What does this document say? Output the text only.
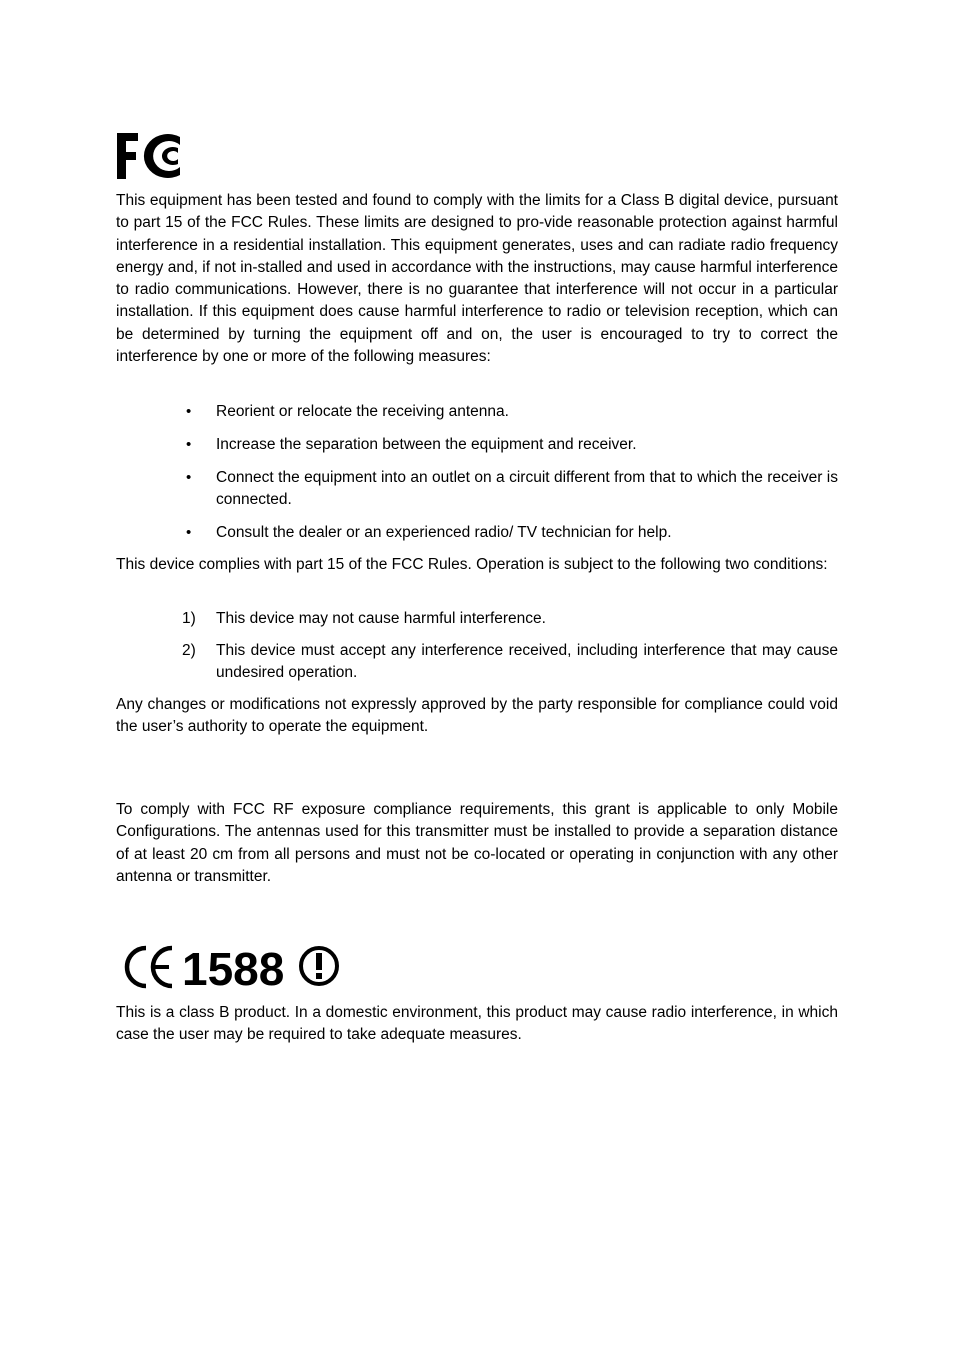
This equipment has been tested and found to comply with the limits for a Class B digital device, pursuant to part 15 of the FCC Rules. These limits are designed to pro-vide reasonable protection against harmful interference in a residential installation. This equipment generates, uses and can radiate radio frequency energy and, if not in-stalled and used in accordance with the instructions, may cause harmful interference to radio communications. However, there is no guarantee that interference will not occur in a particular installation. If this equipment does cause harmful interference to radio or television reception, which can be determined by turning the equipment off and on, the user is encouraged to try to correct the interference by one or more of the following measures:

• Reorient or relocate the receiving antenna.
• Increase the separation between the equipment and receiver.
• Connect the equipment into an outlet on a circuit different from that to which the receiver is connected.
• Consult the dealer or an experienced radio/ TV technician for help.

This device complies with part 15 of the FCC Rules. Operation is subject to the following two conditions:

1) This device may not cause harmful interference.
2) This device must accept any interference received, including interference that may cause undesired operation.

Any changes or modifications not expressly approved by the party responsible for compliance could void the user’s authority to operate the equipment.

To comply with FCC RF exposure compliance requirements, this grant is applicable to only Mobile Configurations. The antennas used for this transmitter must be installed to provide a separation distance of at least 20 cm from all persons and must not be co-located or operating in conjunction with any other antenna or transmitter.

1588

This is a class B product. In a domestic environment, this product may cause radio interference, in which case the user may be required to take adequate measures.
